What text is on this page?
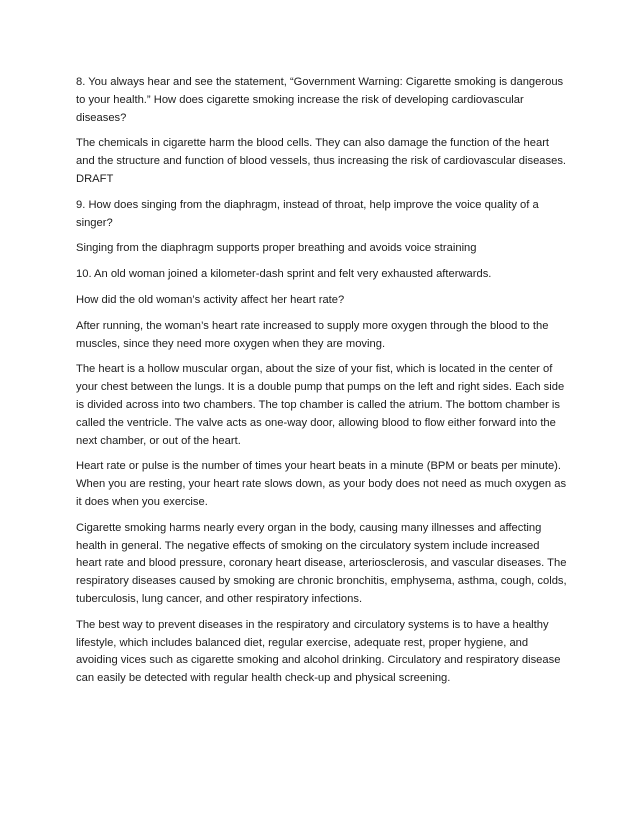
8. You always hear and see the statement, “Government Warning: Cigarette smoking is dangerous to your health.” How does cigarette smoking increase the risk of developing cardiovascular diseases?

The chemicals in cigarette harm the blood cells. They can also damage the function of the heart and the structure and function of blood vessels, thus increasing the risk of cardiovascular diseases. DRAFT

9. How does singing from the diaphragm, instead of throat, help improve the voice quality of a singer?

Singing from the diaphragm supports proper breathing and avoids voice straining

10. An old woman joined a kilometer-dash sprint and felt very exhausted afterwards.

How did the old woman’s activity affect her heart rate?

After running, the woman’s heart rate increased to supply more oxygen through the blood to the muscles, since they need more oxygen when they are moving.

The heart is a hollow muscular organ, about the size of your fist, which is located in the center of your chest between the lungs. It is a double pump that pumps on the left and right sides. Each side is divided across into two chambers. The top chamber is called the atrium. The bottom chamber is called the ventricle. The valve acts as one-way door, allowing blood to flow either forward into the next chamber, or out of the heart.

Heart rate or pulse is the number of times your heart beats in a minute (BPM or beats per minute). When you are resting, your heart rate slows down, as your body does not need as much oxygen as it does when you exercise.

Cigarette smoking harms nearly every organ in the body, causing many illnesses and affecting health in general. The negative effects of smoking on the circulatory system include increased heart rate and blood pressure, coronary heart disease, arteriosclerosis, and vascular diseases. The respiratory diseases caused by smoking are chronic bronchitis, emphysema, asthma, cough, colds, tuberculosis, lung cancer, and other respiratory infections.

The best way to prevent diseases in the respiratory and circulatory systems is to have a healthy lifestyle, which includes balanced diet, regular exercise, adequate rest, proper hygiene, and avoiding vices such as cigarette smoking and alcohol drinking. Circulatory and respiratory disease can easily be detected with regular health check-up and physical screening.
